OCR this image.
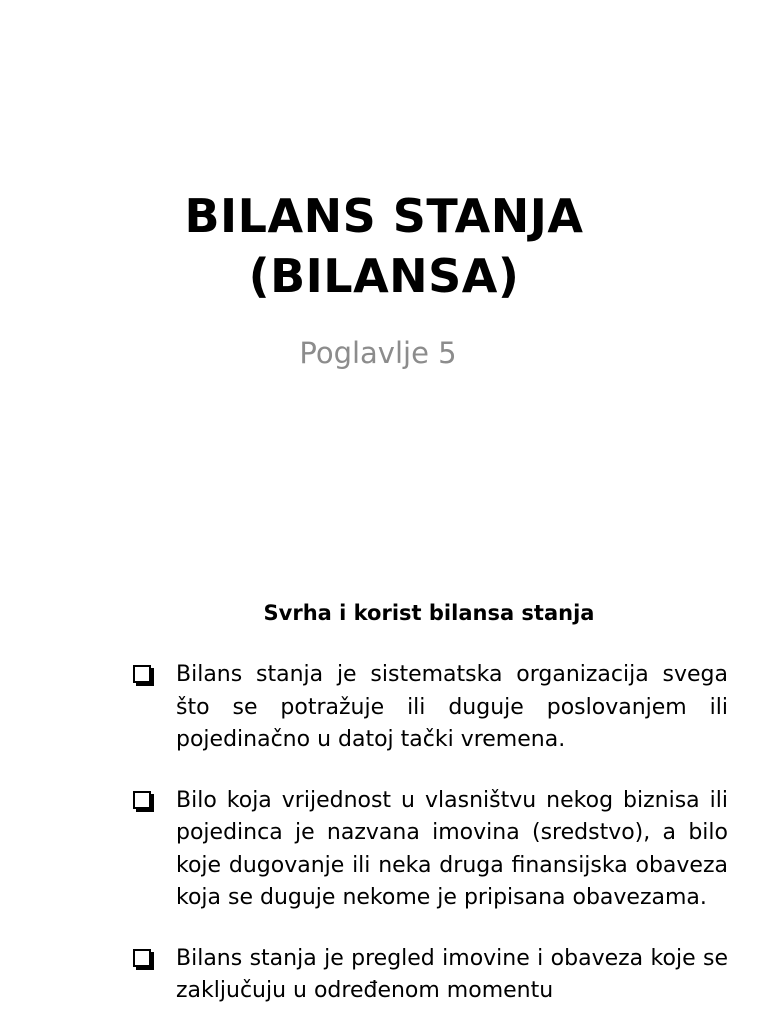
BILANS STANJA
(BILANSA)

Poglavlje 5

Svrha i korist bilansa stanja
Bilans stanja je sistematska organizacija svega što se potražuje ili duguje poslovanjem ili pojedinačno u datoj tački vremena.
Bilo koja vrijednost u vlasništvu nekog biznisa ili pojedinca je nazvana imovina (sredstvo), a bilo koje dugovanje ili neka druga finansijska obaveza koja se duguje nekome je pripisana obavezama.
Bilans stanja je pregled imovine i obaveza koje se zaključuju u određenom momentu
